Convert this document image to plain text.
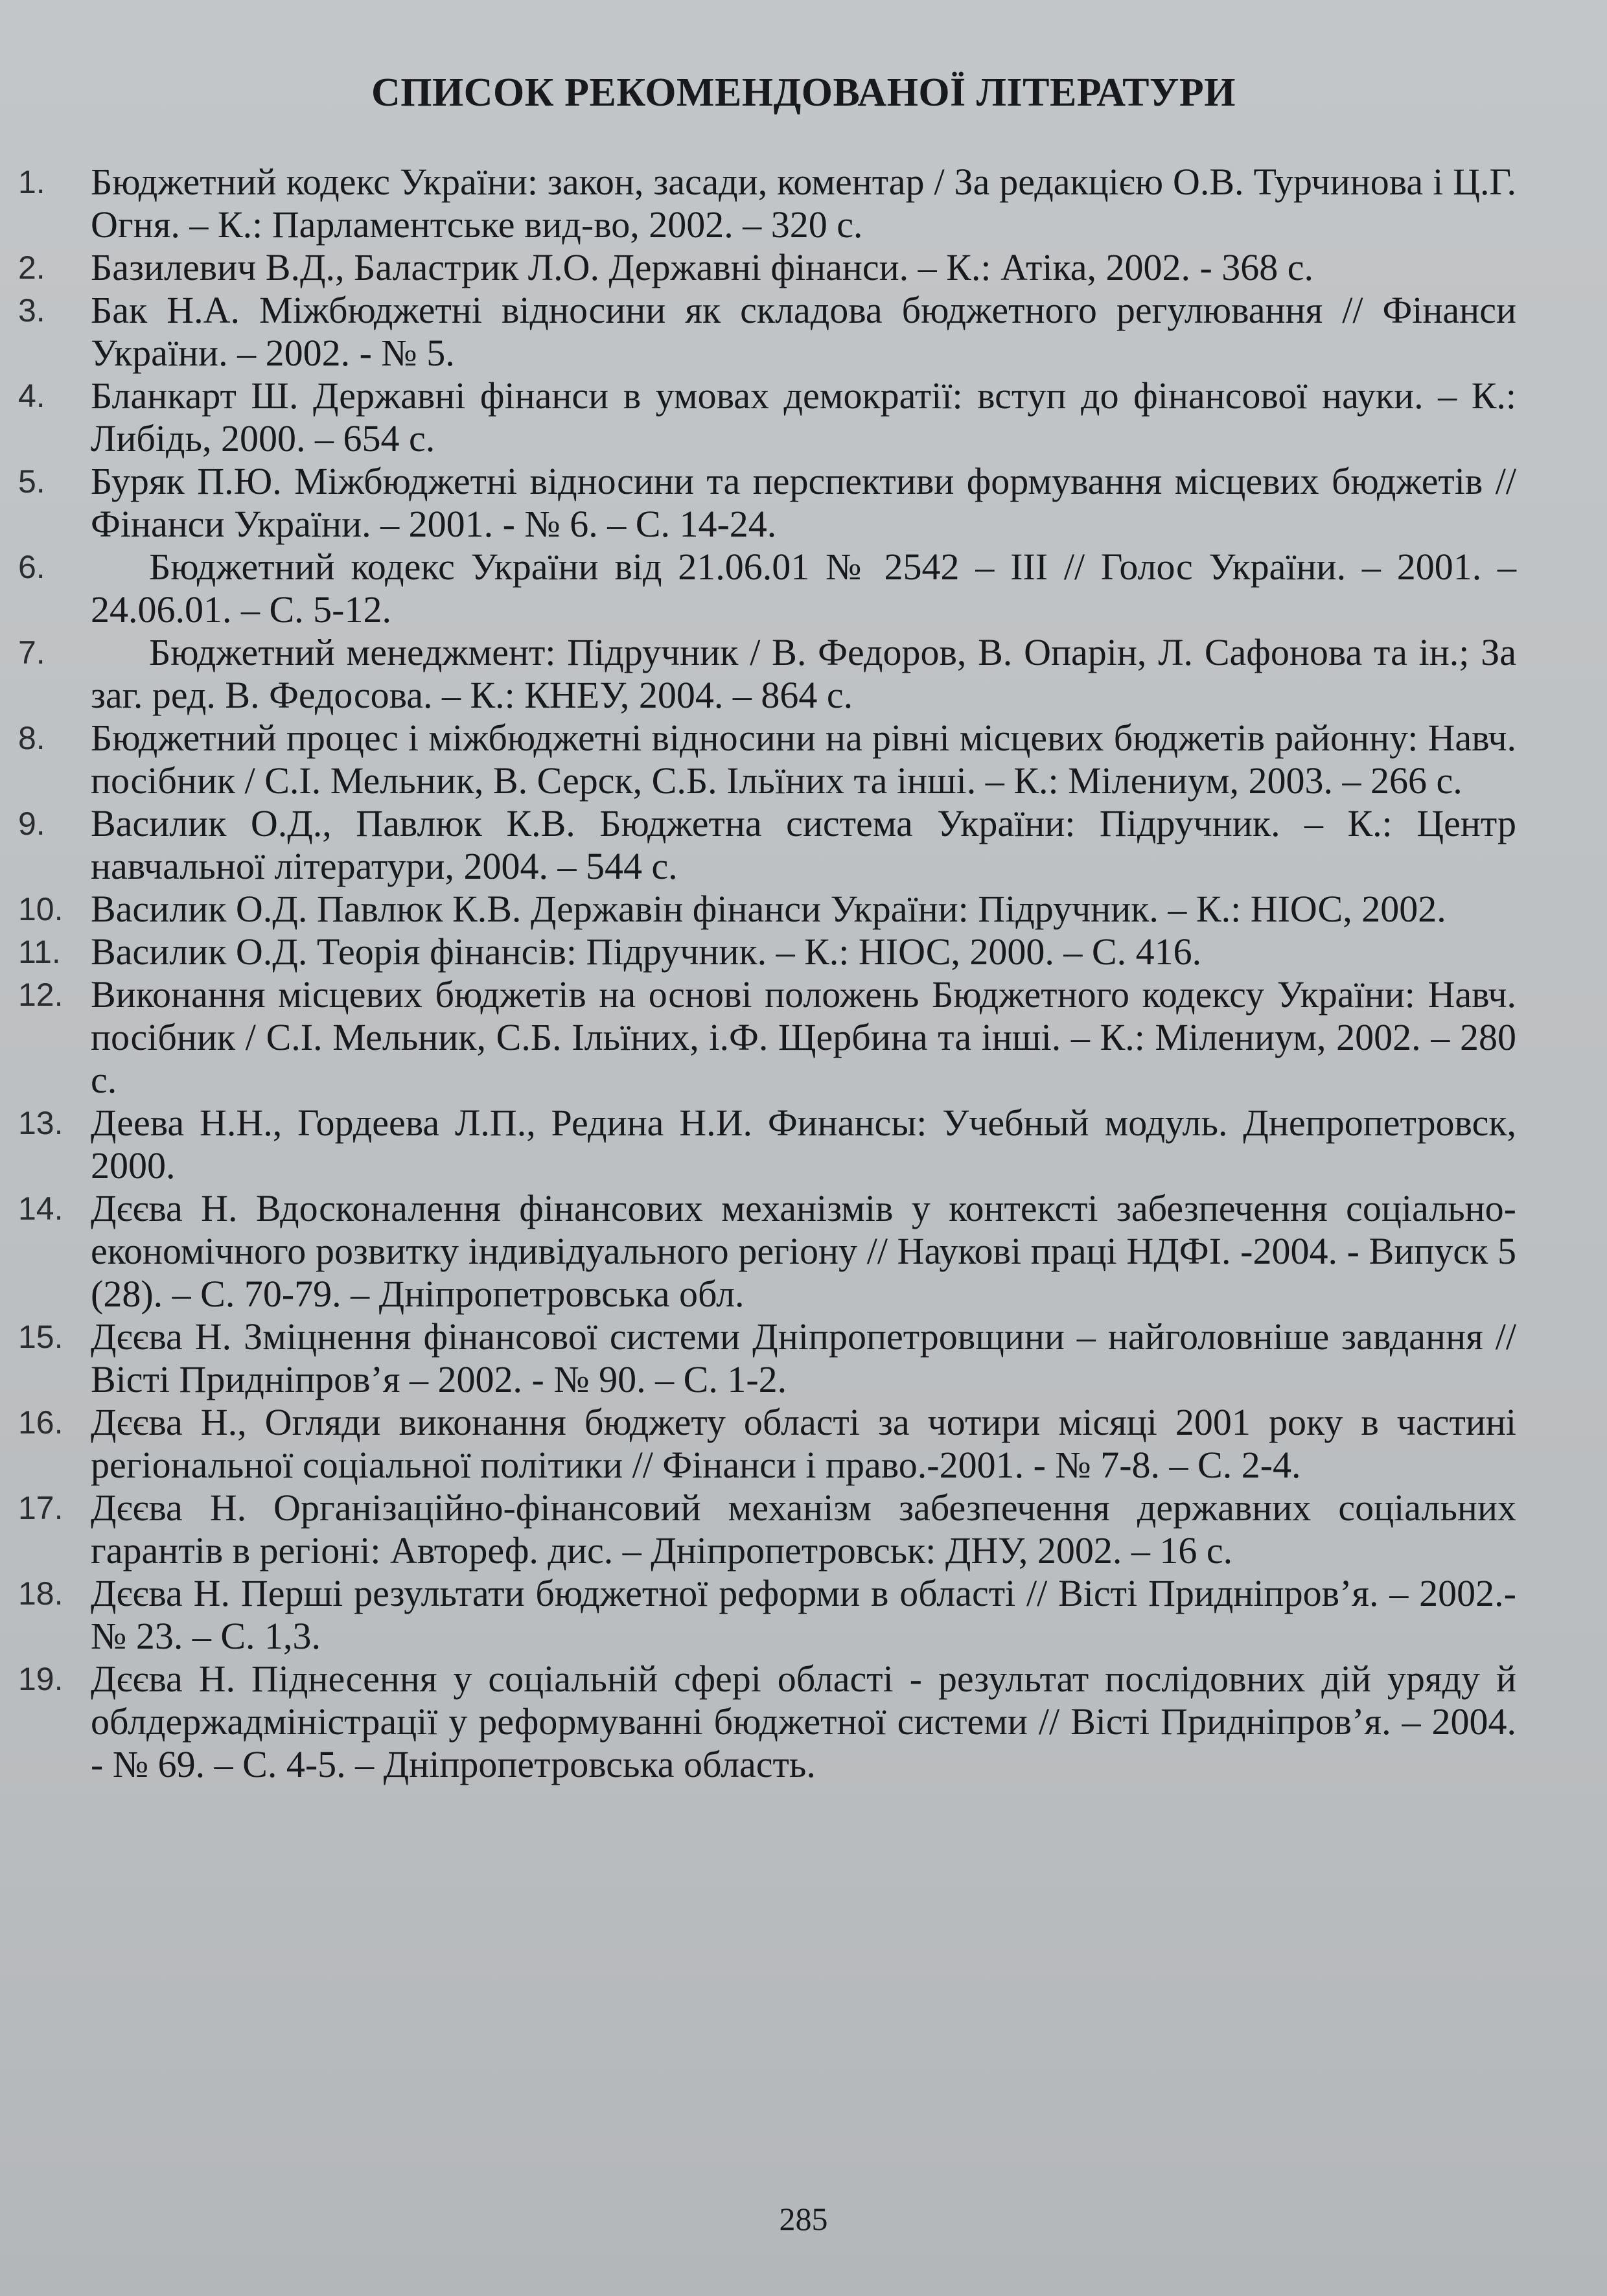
СПИСОК РЕКОМЕНДОВАНОЇ ЛІТЕРАТУРИ
1.	Бюджетний кодекс України: закон, засади, коментар / За редакцією О.В. Турчинова і Ц.Г. Огня. – К.: Парламентське вид-во, 2002. – 320 с.
2.	Базилевич В.Д., Баластрик Л.О. Державні фінанси. – К.: Атіка, 2002. - 368 с.
3.	Бак Н.А. Міжбюджетні відносини як складова бюджетного регулювання // Фінанси України. – 2002. - № 5.
4.	Бланкарт Ш. Державні фінанси в умовах демократії: вступ до фінансової науки. – К.: Либідь, 2000. – 654 с.
5.	Буряк П.Ю. Міжбюджетні відносини та перспективи формування місцевих бюджетів // Фінанси України. – 2001. - № 6. – С. 14-24.
6.	Бюджетний кодекс України від 21.06.01 № 2542 – ІІІ // Голос України. – 2001. – 24.06.01. – С. 5-12.
7.	Бюджетний менеджмент: Підручник / В. Федоров, В. Опарін, Л. Сафонова та ін.; За заг. ред. В. Федосова. – К.: КНЕУ, 2004. – 864 с.
8.	Бюджетний процес і міжбюджетні відносини на рівні місцевих бюджетів районну: Навч. посібник / С.І. Мельник, В. Серск, С.Б. Ільїних та інші. – К.: Мілениум, 2003. – 266 с.
9.	Василик О.Д., Павлюк К.В. Бюджетна система України: Підручник. – К.: Центр навчальної літератури, 2004. – 544 с.
10. Василик О.Д. Павлюк К.В. Державін фінанси України: Підручник. – К.: НІОС, 2002.
11. Василик О.Д. Теорія фінансів: Підручник. – К.: НІОС, 2000. – С. 416.
12. Виконання місцевих бюджетів на основі положень Бюджетного кодексу України: Навч. посібник / С.І. Мельник, С.Б. Ільїних, і.Ф. Щербина та інші. – К.: Мілениум, 2002. – 280 с.
13. Деева Н.Н., Гордеева Л.П., Редина Н.И. Финансы: Учебный модуль. Днепропетровск, 2000.
14. Дєєва Н. Вдосконалення фінансових механізмів у контексті забезпечення соціально-економічного розвитку індивідуального регіону // Наукові праці НДФІ. -2004. - Випуск 5 (28). – С. 70-79. – Дніпропетровська обл.
15. Дєєва Н. Зміцнення фінансової системи Дніпропетровщини – найголовніше завдання // Вісті Придніпров’я – 2002. - № 90. – С. 1-2.
16. Дєєва Н., Огляди виконання бюджету області за чотири місяці 2001 року в частині регіональної соціальної політики // Фінанси і право.-2001. - № 7-8. – С. 2-4.
17. Дєєва Н. Організаційно-фінансовий механізм забезпечення державних соціальних гарантів в регіоні: Автореф. дис. – Дніпропетровськ: ДНУ, 2002. – 16 с.
18. Дєєва Н. Перші результати бюджетної реформи в області // Вісті Придніпров’я. – 2002.-№ 23. – С. 1,3.
19. Дєєва Н. Піднесення у соціальній сфері області - результат послідовних дій уряду й облдержадміністрації у реформуванні бюджетної системи // Вісті Придніпров’я. – 2004. - № 69. – С. 4-5. – Дніпропетровська область.
285
